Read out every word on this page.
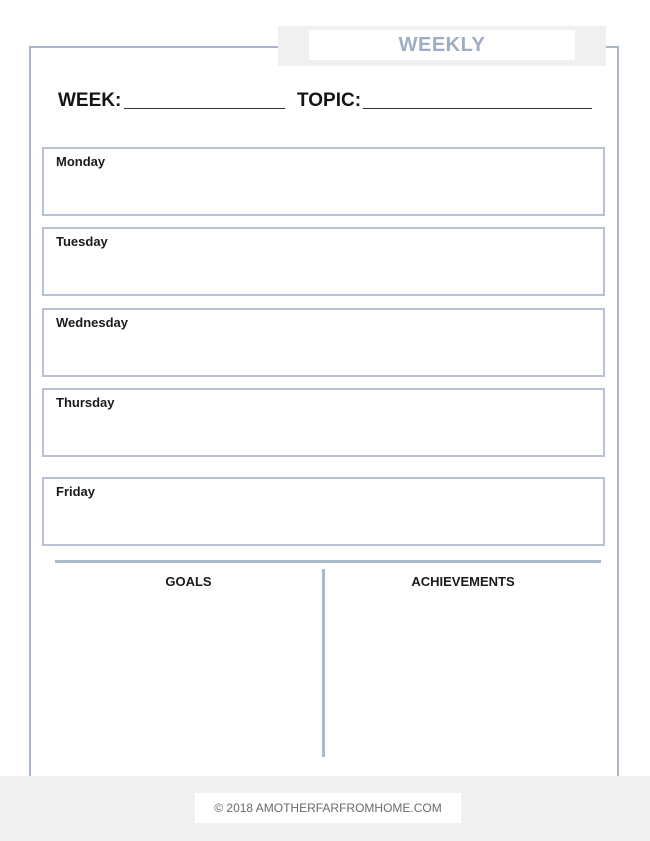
WEEKLY
WEEK:	TOPIC:
Monday
Tuesday
Wednesday
Thursday
Friday
GOALS	ACHIEVEMENTS
© 2018 AMOTHERFARFROMHOME.COM
